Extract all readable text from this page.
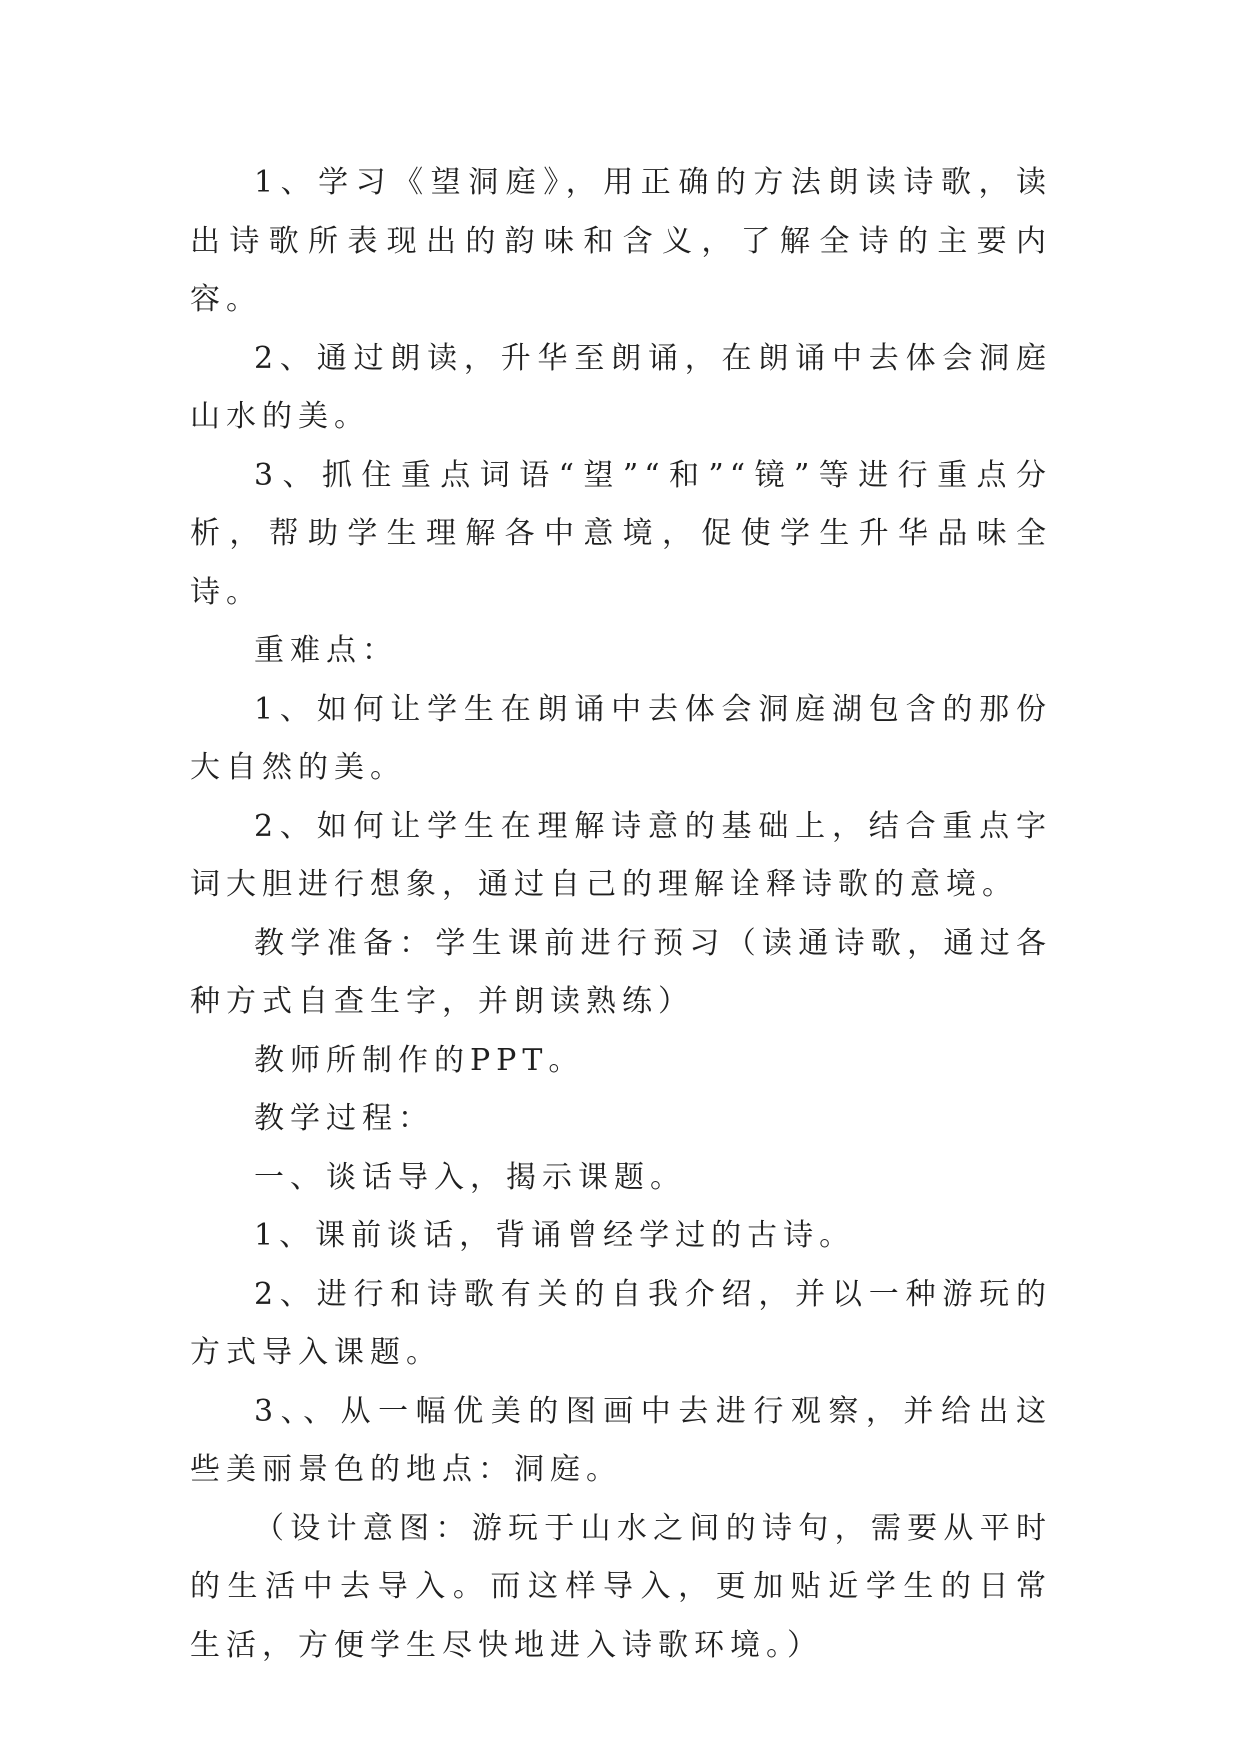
1、学习《望洞庭》，用正确的方法朗读诗歌，读出诗歌所表现出的韵味和含义，了解全诗的主要内容。

2、通过朗读，升华至朗诵，在朗诵中去体会洞庭山水的美。

3、抓住重点词语“望”“和”“镜”等进行重点分析，帮助学生理解各中意境，促使学生升华品味全诗。

重难点：

1、如何让学生在朗诵中去体会洞庭湖包含的那份大自然的美。

2、如何让学生在理解诗意的基础上，结合重点字词大胆进行想象，通过自己的理解诠释诗歌的意境。

教学准备：学生课前进行预习（读通诗歌，通过各种方式自查生字，并朗读熟练）

教师所制作的PPT。

教学过程：

一、谈话导入，揭示课题。

1、课前谈话，背诵曾经学过的古诗。

2、进行和诗歌有关的自我介绍，并以一种游玩的方式导入课题。

3、、从一幅优美的图画中去进行观察，并给出这些美丽景色的地点：洞庭。

（设计意图：游玩于山水之间的诗句，需要从平时的生活中去导入。而这样导入，更加贴近学生的日常生活，方便学生尽快地进入诗歌环境。）
